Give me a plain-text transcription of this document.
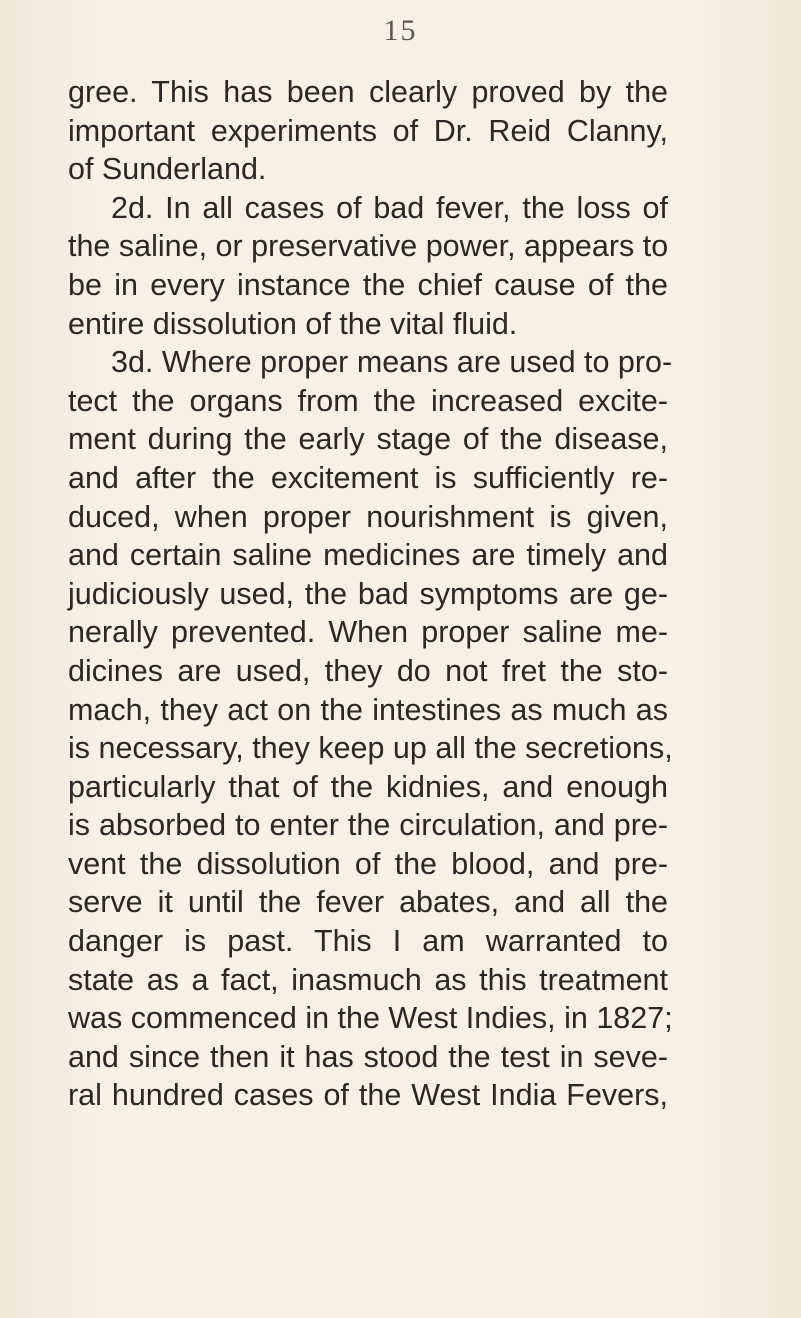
15
gree. This has been clearly proved by the
important experiments of Dr. Reid Clanny,
of Sunderland.
2d. In all cases of bad fever, the loss of
the saline, or preservative power, appears to
be in every instance the chief cause of the
entire dissolution of the vital fluid.
3d. Where proper means are used to pro-
tect the organs from the increased excite-
ment during the early stage of the disease,
and after the excitement is sufficiently re-
duced, when proper nourishment is given,
and certain saline medicines are timely and
judiciously used, the bad symptoms are ge-
nerally prevented. When proper saline me-
dicines are used, they do not fret the sto-
mach, they act on the intestines as much as
is necessary, they keep up all the secretions,
particularly that of the kidnies, and enough
is absorbed to enter the circulation, and pre-
vent the dissolution of the blood, and pre-
serve it until the fever abates, and all the
danger is past. This I am warranted to
state as a fact, inasmuch as this treatment
was commenced in the West Indies, in 1827;
and since then it has stood the test in seve-
ral hundred cases of the West India Fevers,
